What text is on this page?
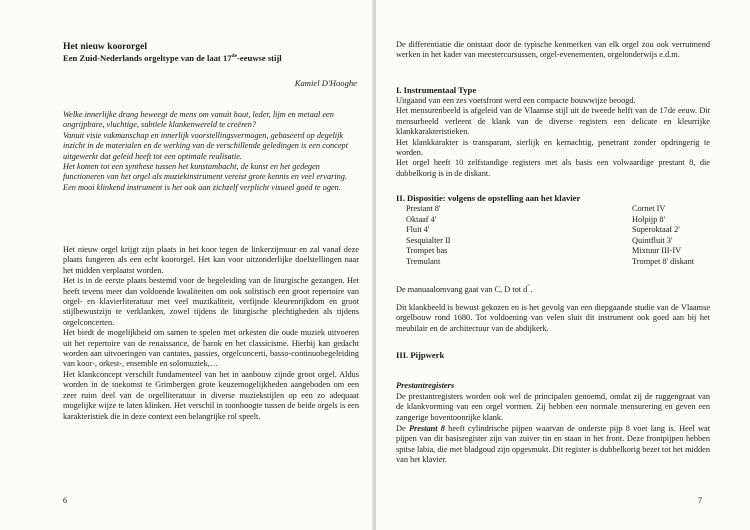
Het nieuw koororgel
Een Zuid-Nederlands orgeltype van de laat 17de-eeuwse stijl
Kamiel D'Hooghe

Welke innerlijke drang beweegt de mens om vanuit hout, leder, lijm en metaal een ongrijpbare, vluchtige, subtiele klankenwereld te creëren?

Vanuit visie vakmanschap en innerlijk voorstellingsvermogen, gebaseerd op degelijk inzicht in de materialen en de werking van de verschillende geledingen is een concept uitgewerkt dat geleid heeft tot een optimale realisatie.

Het komen tot een synthese tussen het kunstambacht, de kunst en het gedegen functioneren van het orgel als muziekinstrument vereist grote kennis en veel ervaring.

Een mooi klinkend instrument is het ook aan zichzelf verplicht visueel goed te ogen.

Het nieuw orgel krijgt zijn plaats in het koor tegen de linkerzijmuur en zal vanaf deze plaats fungeren als een echt koororgel. Het kan voor uitzonderlijke doelstellingen naar het midden verplaatst worden.

Het is in de eerste plaats bestemd voor de begeleiding van de liturgische gezangen. Het heeft tevens meer dan voldoende kwaliteiten om ook solistisch een groot repertoire van orgel- en klavierliteratuur met veel muzikaliteit, verfijnde kleurenrijkdom en groot stijlbewustzijn te verklanken, zowel tijdens de liturgische plechtigheden als tijdens orgelconcerten.

Het biedt de mogelijkheid om samen te spelen met orkesten die oude muziek uitvoeren uit het repertoire van de renaissance, de barok en het classicisme. Hierbij kan gedacht worden aan uitvoeringen van cantates, passies, orgelconcerti, basso-continuobegeleiding van koor-, orkest-, ensemble en solomuziek,…

Het klankconcept verschilt fundamenteel van het in aanbouw zijnde groot orgel. Aldus worden in de toekomst te Grimbergen grote keuzemogelijkheden aangeboden om een zeer ruim deel van de orgelliteratuur in diverse muziekstijlen op een zo adequaat mogelijke wijze te laten klinken. Het verschil in toonhoogte tussen de beide orgels is een karakteristiek die in deze context een belangrijke rol speelt.

6
De differentiatie die ontstaat door de typische kenmerken van elk orgel zou ook verruimend werken in het kader van meestercursussen, orgel-evenementen, orgelonderwijs e.d.m.
I. Instrumentaal Type

Uitgaand van een zes voetsfront werd een compacte bouwwijze beoogd.

Het mensurenbeeld is afgeleid van de Vlaamse stijl uit de tweede helft van de 17de eeuw. Dit mensurbeeld verleent de klank van de diverse registers een delicate en kleurrijke klankkarakteristieken.

Het klankkarakter is transparant, sierlijk en kernachtig, penetrant zonder opdringerig te worden.

Het orgel heeft 10 zelfstandige registers met als basis een volwaardige prestant 8, die dubbelkorig is in de diskant.

II. Dispositie: volgens de opstelling aan het klavier
Prestant 8'
Oktaaf 4'
Fluit 4'
Sesquialter II
Trompet bas
Tremulant
Cornet IV
Holpijp 8'
Superoktaaf 2'
Quintfluit 3'
Mixtuur III-IV
Trompet 8' diskant
De manuaalomvang gaat van C, D tot d'''.
Dit klankbeeld is bewust gekozen en is het gevolg van een diepgaande studie van de Vlaamse orgelbouw rond 1680. Tot voldoening van velen sluit dit instrument ook goed aan bij het meubilair en de architectuur van de abdijkerk.
III. Pijpwerk
Prestantregisters
De prestantregisters worden ook wel de principalen genoemd, omdat zij de ruggengraat van de klankvorming van een orgel vormen. Zij hebben een normale mensurering en geven een zangerige boventoonrijke klank.
De Prestant 8 heeft cylindrische pijpen waarvan de onderste pijp 8 voet lang is. Heel wat pijpen van dit basisregister zijn van zuiver tin en staan in het front. Deze frontpijpen hebben spitse labia, die met bladgoud zijn opgesmukt. Dit register is dubbelkorig bezet tot het midden van het klavier.
7
